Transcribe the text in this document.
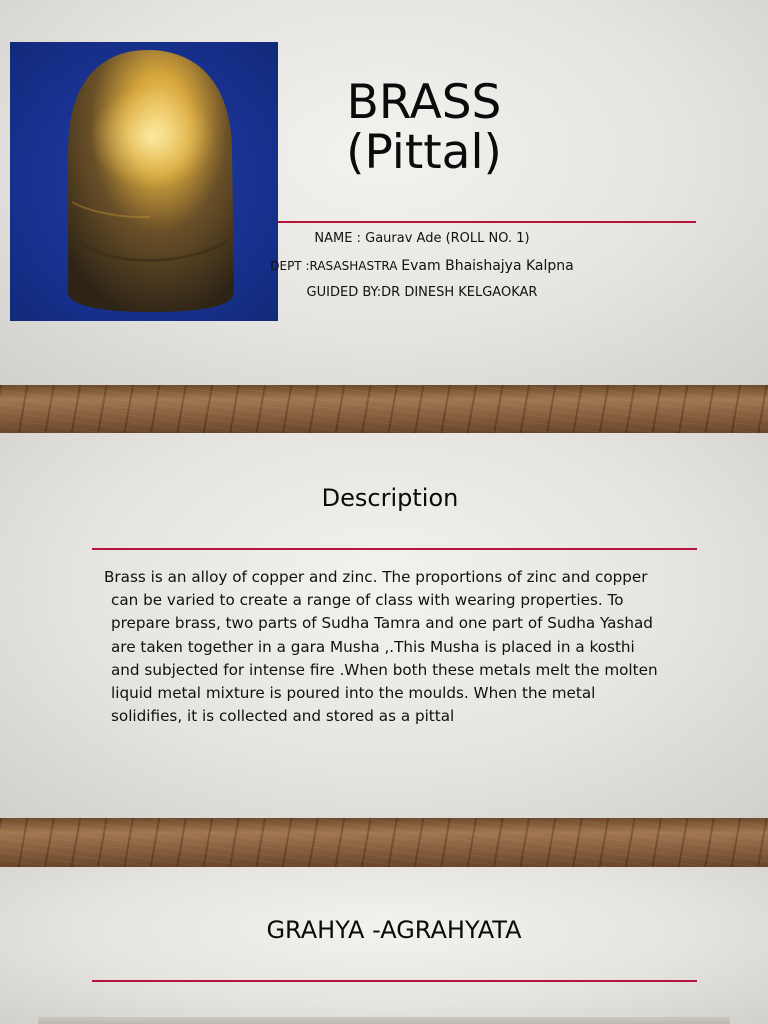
BRASS
(Pittal)
NAME : Gaurav Ade (ROLL NO. 1)
DEPT :RASASHASTRA Evam Bhaishajya Kalpna
GUIDED BY:DR DINESH KELGAOKAR
Description
Brass is an alloy of copper and zinc. The proportions of zinc and copper
can be varied to create a range of class with wearing properties. To
prepare brass, two parts of Sudha Tamra and one part of Sudha Yashad
are taken together in a gara Musha ,.This Musha is placed in a kosthi
and subjected for intense fire .When both these metals melt the molten
liquid metal mixture is poured into the moulds. When the metal
solidifies, it is collected and stored as a pittal
GRAHYA -AGRAHYATA
